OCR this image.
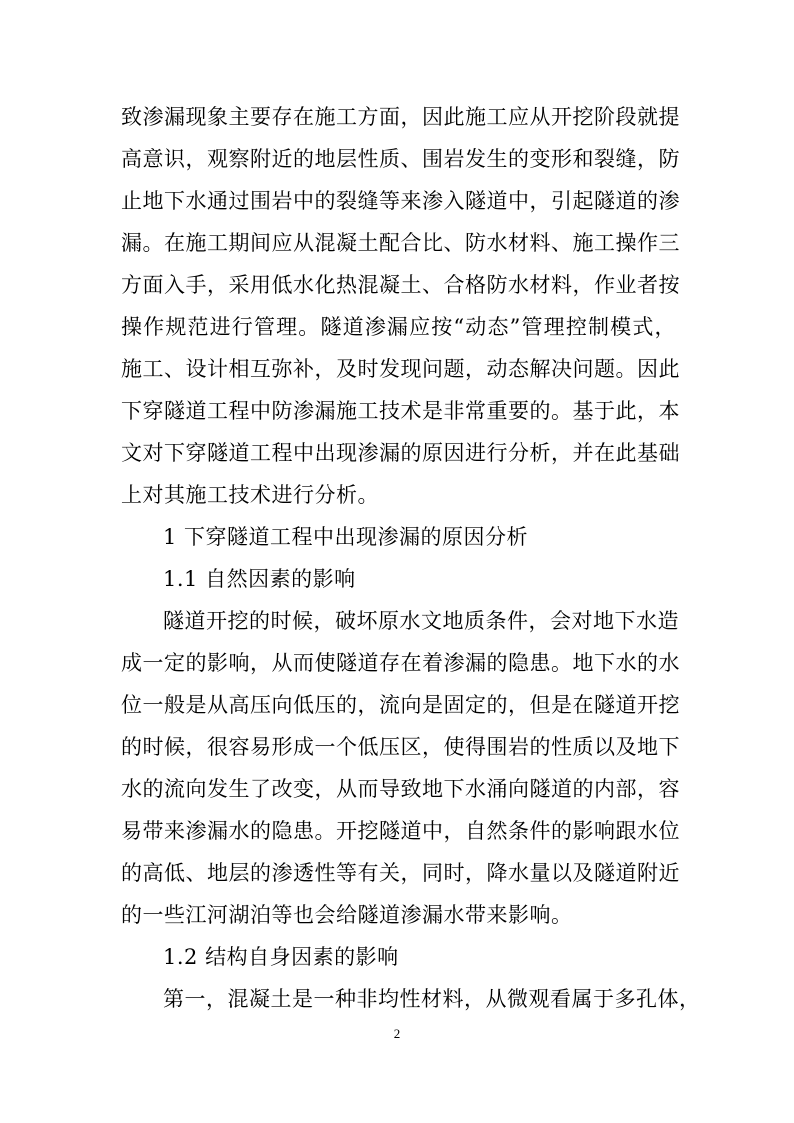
致渗漏现象主要存在施工方面，因此施工应从开挖阶段就提
高意识，观察附近的地层性质、围岩发生的变形和裂缝，防
止地下水通过围岩中的裂缝等来渗入隧道中，引起隧道的渗
漏。在施工期间应从混凝土配合比、防水材料、施工操作三
方面入手，采用低水化热混凝土、合格防水材料，作业者按
操作规范进行管理。隧道渗漏应按“动态”管理控制模式，
施工、设计相互弥补，及时发现问题，动态解决问题。因此
下穿隧道工程中防渗漏施工技术是非常重要的。基于此，本
文对下穿隧道工程中出现渗漏的原因进行分析，并在此基础
上对其施工技术进行分析。
1 下穿隧道工程中出现渗漏的原因分析
1.1 自然因素的影响
隧道开挖的时候，破坏原水文地质条件，会对地下水造
成一定的影响，从而使隧道存在着渗漏的隐患。地下水的水
位一般是从高压向低压的，流向是固定的，但是在隧道开挖
的时候，很容易形成一个低压区，使得围岩的性质以及地下
水的流向发生了改变，从而导致地下水涌向隧道的内部，容
易带来渗漏水的隐患。开挖隧道中，自然条件的影响跟水位
的高低、地层的渗透性等有关，同时，降水量以及隧道附近
的一些江河湖泊等也会给隧道渗漏水带来影响。
1.2 结构自身因素的影响
第一，混凝土是一种非均性材料，从微观看属于多孔体，
2
